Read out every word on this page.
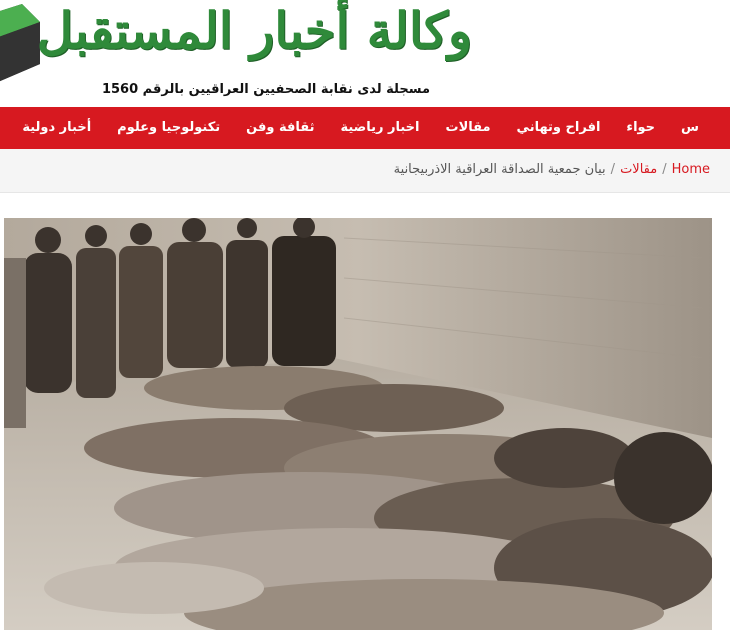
وكالة أخبار المستقبل
مسجلة لدى نقابة الصحفيين العراقيين بالرقم 1560
أخبار دولية	تكنولوجيا وعلوم	ثقافة وفن	اخبار رياضية	مقالات	افراح وتهاني	حواء	س
Home
/
مقالات
/
بيان جمعية الصداقة العراقية الاذربيجانية
